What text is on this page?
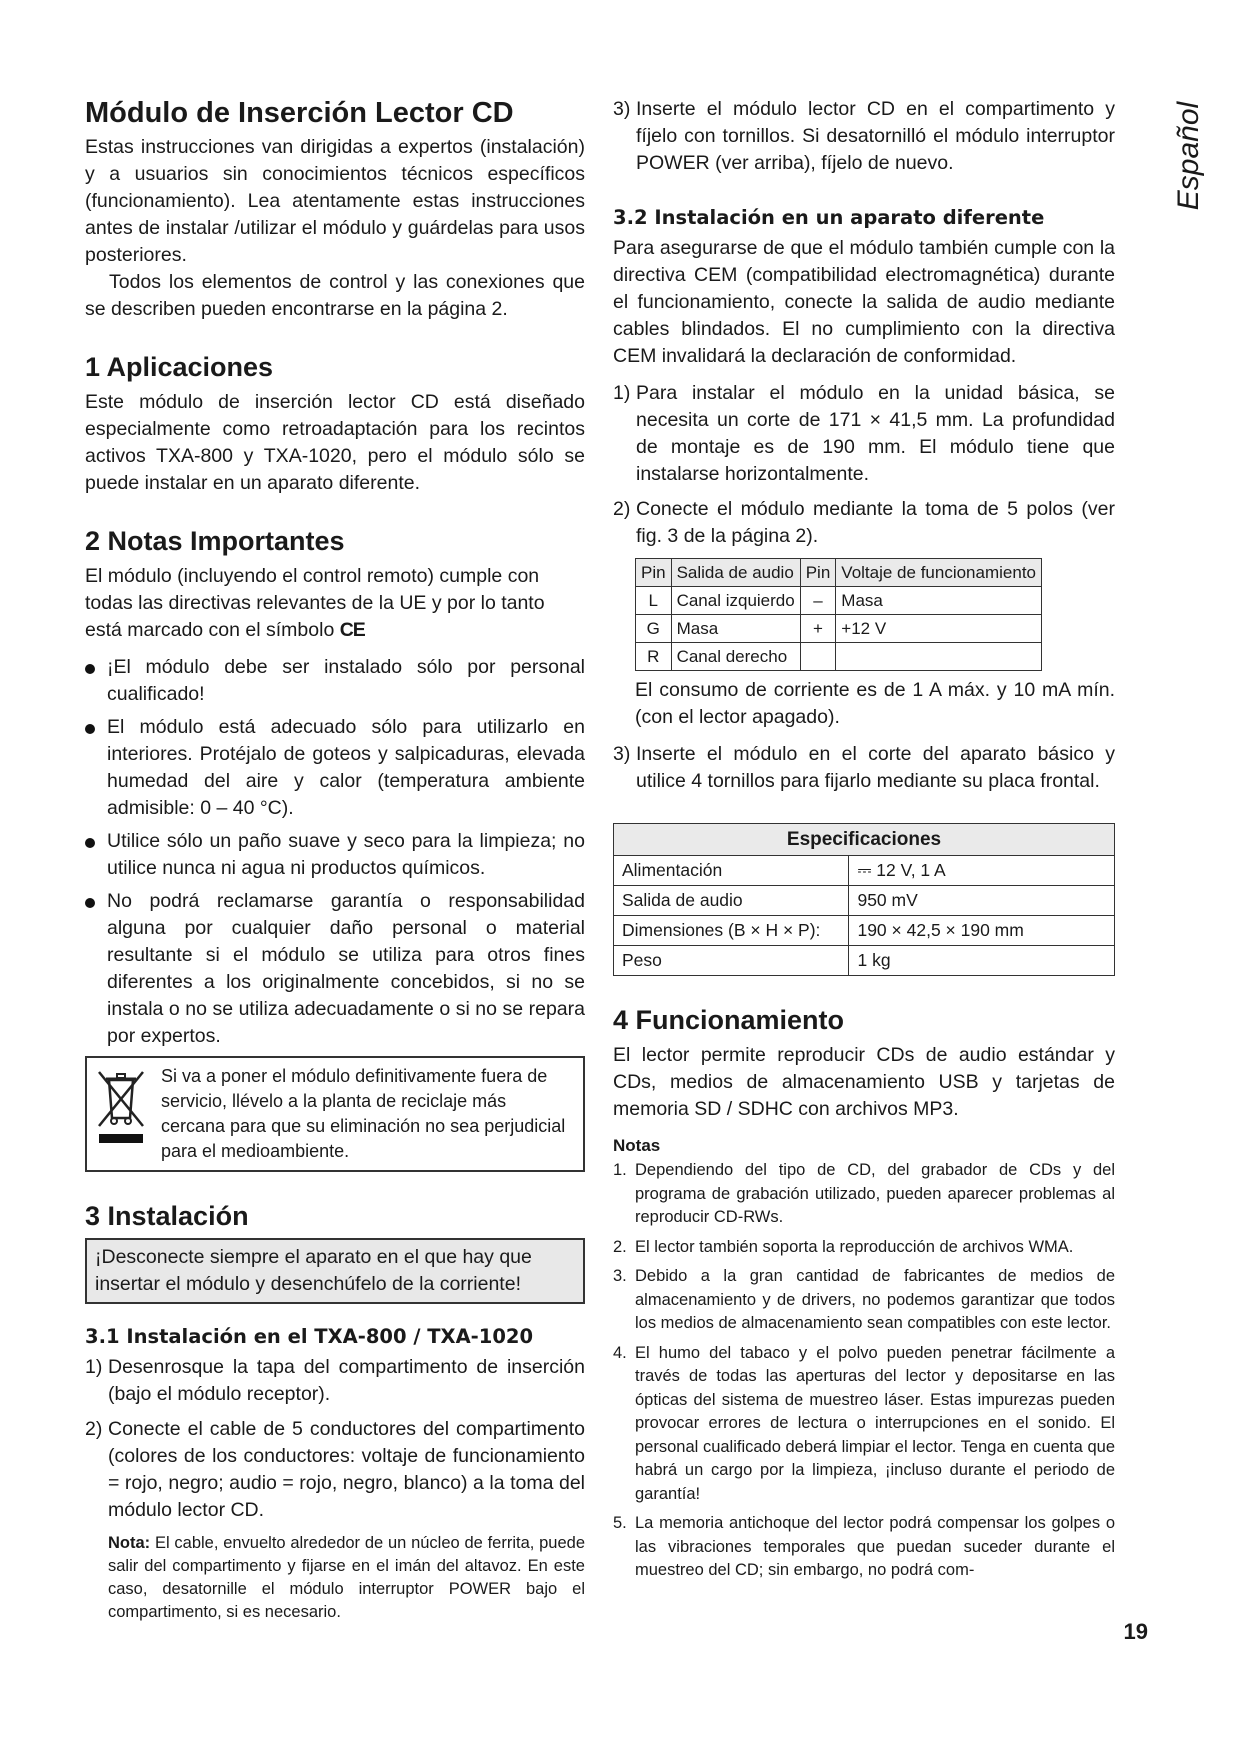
Español
Módulo de Inserción Lector CD

Estas instrucciones van dirigidas a expertos (instalación) y a usuarios sin conocimientos técnicos específicos (funcionamiento). Lea atentamente estas instrucciones antes de instalar /utilizar el módulo y guárdelas para usos posteriores.

Todos los elementos de control y las conexiones que se describen pueden encontrarse en la página 2.

1 Aplicaciones

Este módulo de inserción lector CD está diseñado especialmente como retroadaptación para los recintos activos TXA-800 y TXA-1020, pero el módulo sólo se puede instalar en un aparato diferente.

2 Notas Importantes

El módulo (incluyendo el control remoto) cumple con todas las directivas relevantes de la UE y por lo tanto está marcado con el símbolo CE

¡El módulo debe ser instalado sólo por personal cualificado!
El módulo está adecuado sólo para utilizarlo en interiores. Protéjalo de goteos y salpicaduras, elevada humedad del aire y calor (temperatura ambiente admisible: 0 – 40 °C).
Utilice sólo un paño suave y seco para la limpieza; no utilice nunca ni agua ni productos químicos.
No podrá reclamarse garantía o responsabilidad alguna por cualquier daño personal o material resultante si el módulo se utiliza para otros fines diferentes a los originalmente concebidos, si no se instala o no se utiliza adecuadamente o si no se repara por expertos.

Si va a poner el módulo definitivamente fuera de servicio, llévelo a la planta de reciclaje más cercana para que su eliminación no sea perjudicial para el medioambiente.

3 Instalación
¡Desconecte siempre el aparato en el que hay que insertar el módulo y desenchúfelo de la corriente!
3.1 Instalación en el TXA-800 / TXA-1020
1) Desenrosque la tapa del compartimento de inserción (bajo el módulo receptor).
2) Conecte el cable de 5 conductores del compartimento (colores de los conductores: voltaje de funcionamiento = rojo, negro; audio = rojo, negro, blanco) a la toma del módulo lector CD.

Nota: El cable, envuelto alrededor de un núcleo de ferrita, puede salir del compartimento y fijarse en el imán del altavoz. En este caso, desatornille el módulo interruptor POWER bajo el compartimento, si es necesario.

3) Inserte el módulo lector CD en el compartimento y fíjelo con tornillos. Si desatornilló el módulo interruptor POWER (ver arriba), fíjelo de nuevo.
3.2 Instalación en un aparato diferente

Para asegurarse de que el módulo también cumple con la directiva CEM (compatibilidad electromagnética) durante el funcionamiento, conecte la salida de audio mediante cables blindados. El no cumplimiento con la directiva CEM invalidará la declaración de conformidad.

1) Para instalar el módulo en la unidad básica, se necesita un corte de 171 × 41,5 mm. La profundidad de montaje es de 190 mm. El módulo tiene que instalarse horizontalmente.
2) Conecte el módulo mediante la toma de 5 polos (ver fig. 3 de la página 2).
Pin	Salida de audio	Pin	Voltaje de funcionamiento
L	Canal izquierdo	–	Masa
G	Masa	+	+12 V
R	Canal derecho		

El consumo de corriente es de 1 A máx. y 10 mA mín. (con el lector apagado).

3) Inserte el módulo en el corte del aparato básico y utilice 4 tornillos para fijarlo mediante su placa frontal.
Especificaciones	
Alimentación	⎓ 12 V, 1 A
Salida de audio	950 mV
Dimensiones (B × H × P):	190 × 42,5 × 190 mm
Peso	1 kg
4 Funcionamiento

El lector permite reproducir CDs de audio estándar y CDs, medios de almacenamiento USB y tarjetas de memoria SD / SDHC con archivos MP3.

Notas

1. Dependiendo del tipo de CD, del grabador de CDs y del programa de grabación utilizado, pueden aparecer problemas al reproducir CD-RWs.
2. El lector también soporta la reproducción de archivos WMA.
3. Debido a la gran cantidad de fabricantes de medios de almacenamiento y de drivers, no podemos garantizar que todos los medios de almacenamiento sean compatibles con este lector.
4. El humo del tabaco y el polvo pueden penetrar fácilmente a través de todas las aperturas del lector y depositarse en las ópticas del sistema de muestreo láser. Estas impurezas pueden provocar errores de lectura o interrupciones en el sonido. El personal cualificado deberá limpiar el lector. Tenga en cuenta que habrá un cargo por la limpieza, ¡incluso durante el periodo de garantía!
5. La memoria antichoque del lector podrá compensar los golpes o las vibraciones temporales que puedan suceder durante el muestreo del CD; sin embargo, no podrá com-
19
